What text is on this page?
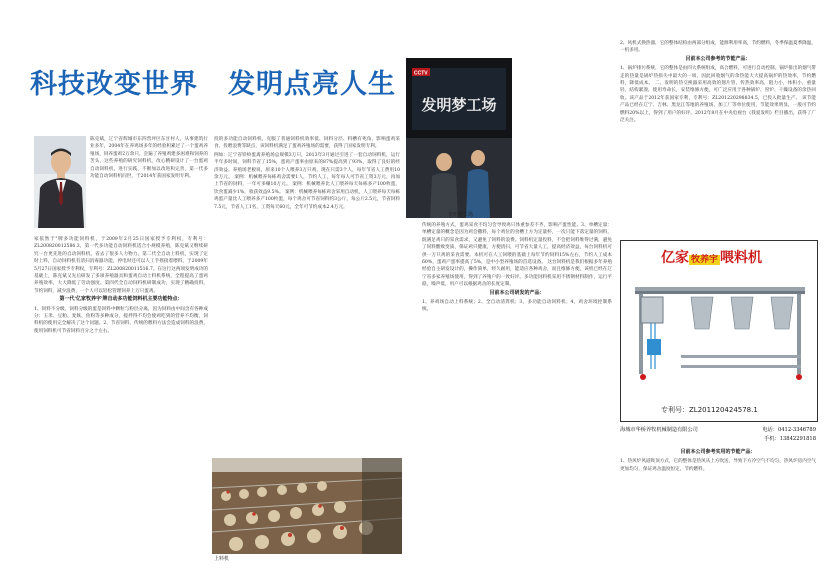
科技改变世界 发明点亮人生

陈克斌，辽宁省辉城市东四营坪区东甘村人，从事建筑行业多年，2004年在养鸡场多年的经验积累过了一个蛋鸡养殖场，饲养蛋鸡2万余只，尝遍了养殖鸡建多困难和饲养的苦头，这些养殖的研究饲料机，改心精研设计了一台蛋鸡自动饲料机，进行实践，不断加以改进和完善，第一代多功能自动饲料机问世，于2014年获国家发明专利。

家依然于"牌多功能饲料机，于2009年2月25日国家授予专利权，专利号：ZL200820012586.3，第一代多功能自动饲料机适合小规模养殖，陈克斌又继续研究一台更先进的自动饲料机，省去了很多人力物力，第二代全自动上料机，实现了定时上料，自动饲料机有清扫消毒器功能，停电时还可以人工手摇接着喂料，于2009年5月27日国家授予专利权，专利号：ZL200820011516.7。在这行这两项发明成功的基础上，陈克斌又先后研发了多项养殖器具和蛋鸡自动上料机系统，全程提高了蛋鸡养殖效率，大大降低了劳动强度。第四代全自动饲料机研制成功，实现了精确投料，节约饲料，减少浪费，一个人可以轻松管理饲养上万只蛋鸡。

第一代'亿家牧养宇'牌自动多功能饲料机主要功能特点：

1、饲料不分级，饲料分级的蛋是饲料中颗粒与粉层分离，因为饲料由中间含有各种成分：玉米、豆粕、麦麸、鱼粉等多种成分，搅拌得不均会使鸡吃到的营养不均衡，饲料机的使用完全解决了这个问题。2、节省饲料，传统的喂料方法会造成饲料的浪费，使用饲料机可节省饲料百分之十左右。

投的多功能自动饲料机，克服了普通饲料机效率低、饲料分层、料槽有死角、影响蛋鸡采食、投喂浪费等缺点，该饲料机满足了蛋鸡养殖场的需要，获得了国家发明专利。

例如：辽宁省铁岭蛋禽养殖场总规模3万只，2013年3月通过引进了一套自动饲料机，运行半年多时间，饲料节省了15%，蛋鸡产蛋率由原来的87%提高到了93%，取得了良好的经济效益。养殖场老板说，原来10个人喂养3万只鸡，现在只需3个人，每年节省人工费用10余万元。 案例：机械喂养每栋鸡舍需要1人，节约人工，每年每人可节省工资3万元，再加上节省的饲料，一年可多赚10万元。 案例：机械喂养比人工喂养每天每栋多产100枚蛋，饮食蛋减少1%，收获效益9.5%。 案例：机械喂养每栋鸡舍采用自动机，人工喂养每天每栋鸡蛋产量比人工喂养多产100枚蛋，每个鸡舍可节省饲料约3公斤，每公斤2.5元，节省饲料7.5元，节省人工1名，工资每天60元，全年可节约成本2.4万元。

上料机
CCTV
发明梦工场
发明梦工场

传统的养殖方式，蛋鸡采食不均匀会导致鸡只体重参差不齐，影响产蛋性能。3、单槽定量：单槽定量的概念是因为鸡会撒料，每个鸡位的食槽上方为定量杯，一次只能下落定量的饲料，既满足鸡只的采食需求，又避免了饲料的浪费。饲料机定量投料，不会把饲料堆得过满，避免了饲料酸败变质，保证鸡只健康，方便清扫，可节省大量人工，提高经济效益，每台饲料机可供一万只鸡的采食需要。本机可在人工饲喂的基础上每年节约饲料15%左右，节约人工成本60%，蛋鸡产蛋率提高了5%，是中小型养殖场的首选设备。 这台饲料机是我们根据多年养殖经验自主研发设计的，操作简单，经久耐用，能适应各种鸡舍，而且维修方便。该机已经在辽宁省多家养殖场使用，得到了养殖户的一致好评。多功能饲料机采用不锈钢材料制作，运行平稳，噪声低，用户可以根据鸡舍的长度定制。

目前本公司研发的产品：

1、养鸡场自动上料系统；2、全自动清粪机；3、多功能自动饲料机；4、鸡舍环境控制系统。

2、风机式换热器，它的整体结构由两部分组成，能源利用率高，节约燃料，冬季保温夏季降温，一机多用。

目前本公司参考的节能产品：

1、锅炉排污系统，它的整体是由四大系统组成，高合燃料，可进行自动控制。锅炉排出的烟气带走的热量是锅炉热损失中最大的一项，因此回收烟气的余热能大大提高锅炉的热效率，节约燃料，降低成本。 二、发明的热交换器采用高效的翅片管，传热效率高，阻力小，体积小，重量轻，结构紧凑，使用寿命长，安装维修方便，可广泛应用于各种锅炉、窑炉、干燥设备的余热回收。该产品于2012年获国家专利，专利号：ZL201220298834.5，已投入批量生产。 该节能产品已经在辽宁、吉林、黑龙江等地的养殖场、加工厂等单位使用，节能效果明显，一般可节约燃料20%以上，得到了用户的好评。2012年8月在中央电视台《我爱发明》栏目播出，获得了广泛关注。

亿家 牧养宇 喂料机
专利号：ZL201120424578.1
海城市华桥养牧机械制造有限公司	电话：0412-3346789
手机：13842291818

目前本公司参考实用的节能产品：

1、热风炉风道吸顶方式，它的整体是热风从上方吹送，导致下方冷空气不均匀，热风炉房内空气更加均匀，保证鸡舍温度恒定，节约燃料。
